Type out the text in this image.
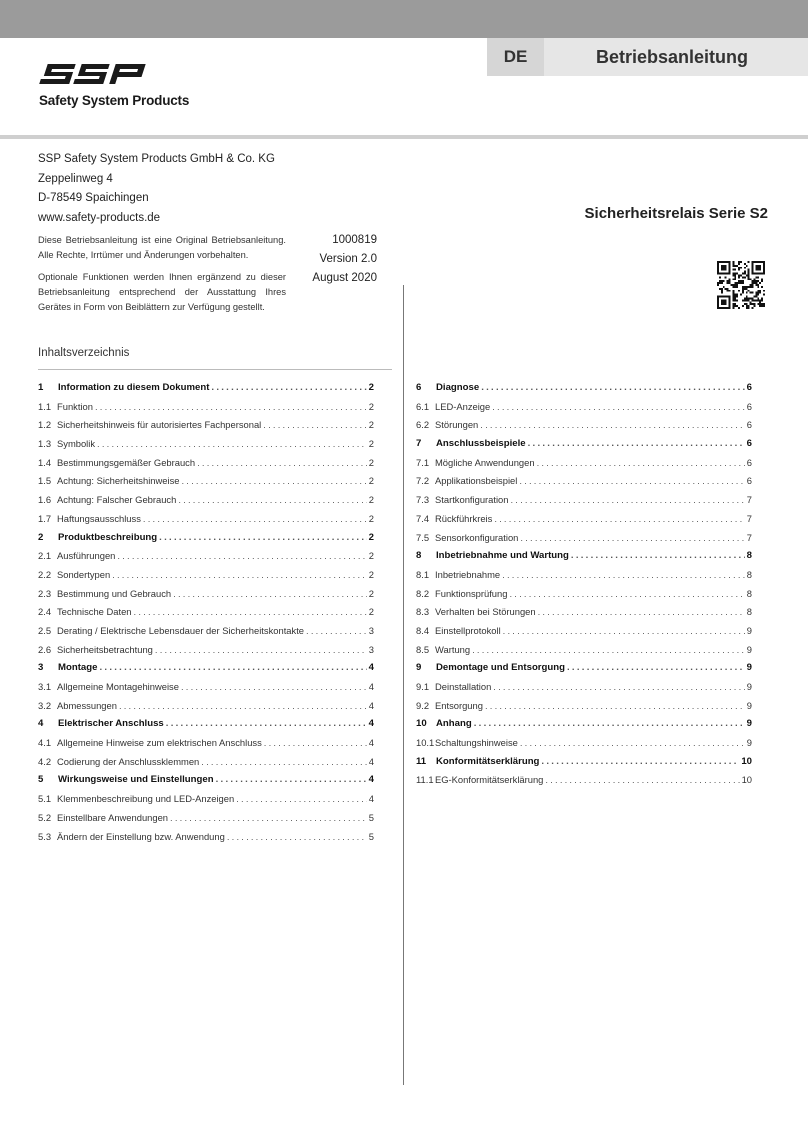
DE	Betriebsanleitung
Safety System Products
SSP Safety System Products GmbH & Co. KG
Zeppelinweg 4
D-78549 Spaichingen
www.safety-products.de	Sicherheitsrelais Serie S2

Diese Betriebsanleitung ist eine Original Betriebsanleitung. Alle Rechte, Irrtümer und Änderungen vorbehalten.

Optionale Funktionen werden Ihnen ergänzend zu dieser Betriebsanleitung entsprechend der Ausstattung Ihres Gerätes in Form von Beiblättern zur Verfügung gestellt.

1000819
Version 2.0
August 2020
Inhaltsverzeichnis
1	Information zu diesem Dokument . . .	2
1.1 Funktion . . .	2
1.2 Sicherheitshinweis für autorisiertes Fachpersonal . . .	2
1.3 Symbolik . . .	2
1.4 Bestimmungsgemäßer Gebrauch . . .	2
1.5 Achtung: Sicherheitshinweise . . .	2
1.6 Achtung: Falscher Gebrauch . . .	2
1.7 Haftungsausschluss . . .	2
2	Produktbeschreibung . . .	2
2.1 Ausführungen . . .	2
2.2 Sondertypen . . .	2
2.3 Bestimmung und Gebrauch . . .	2
2.4 Technische Daten . . .	2
2.5 Derating / Elektrische Lebensdauer der Sicherheitskontakte . . .	3
2.6 Sicherheitsbetrachtung . . .	3
3	Montage . . .	4
3.1 Allgemeine Montagehinweise . . .	4
3.2 Abmessungen . . .	4
4	Elektrischer Anschluss . . .	4
4.1 Allgemeine Hinweise zum elektrischen Anschluss . . .	4
4.2 Codierung der Anschlussklemmen . . .	4
5	Wirkungsweise und Einstellungen . . .	4
5.1 Klemmenbeschreibung und LED-Anzeigen . . .	4
5.2 Einstellbare Anwendungen . . .	5
5.3 Ändern der Einstellung bzw. Anwendung . . .	5
6	Diagnose . . .	6
6.1 LED-Anzeige . . .	6
6.2 Störungen . . .	6
7	Anschlussbeispiele . . .	6
7.1 Mögliche Anwendungen . . .	6
7.2 Applikationsbeispiel . . .	6
7.3 Startkonfiguration . . .	7
7.4 Rückführkreis . . .	7
7.5 Sensorkonfiguration . . .	7
8	Inbetriebnahme und Wartung . . .	8
8.1 Inbetriebnahme . . .	8
8.2 Funktionsprüfung . . .	8
8.3 Verhalten bei Störungen . . .	8
8.4 Einstellprotokoll . . .	9
8.5 Wartung . . .	9
9	Demontage und Entsorgung . . .	9
9.1 Deinstallation . . .	9
9.2 Entsorgung . . .	9
10 Anhang . . .	9
10.1 Schaltungshinweise . . .	9
11	Konformitätserklärung . . .	10
11.1 EG-Konformitätserklärung . . .	10
